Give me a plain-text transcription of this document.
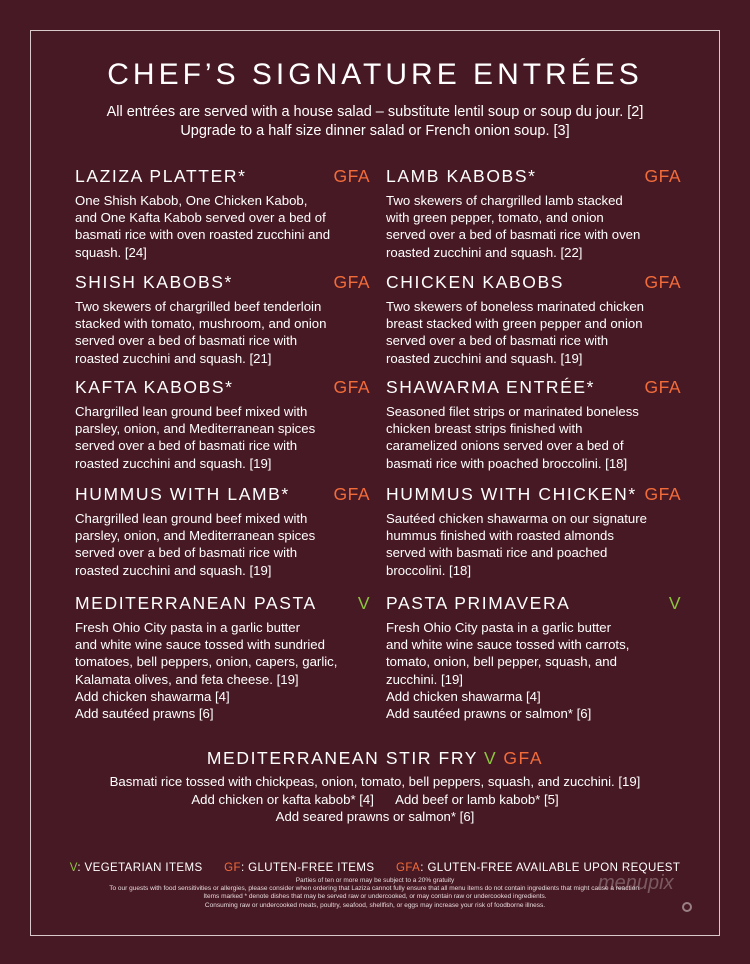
CHEF’S SIGNATURE ENTRÉES
All entrées are served with a house salad – substitute lentil soup or soup du jour. [2]
Upgrade to a half size dinner salad or French onion soup. [3]
LAZIZA PLATTER*	GFA
One Shish Kabob, One Chicken Kabob,
and One Kafta Kabob served over a bed of
basmati rice with oven roasted zucchini and
squash. [24]
LAMB KABOBS*	GFA
Two skewers of chargrilled lamb stacked
with green pepper, tomato, and onion
served over a bed of basmati rice with oven
roasted zucchini and squash. [22]
SHISH KABOBS*	GFA
Two skewers of chargrilled beef tenderloin
stacked with tomato, mushroom, and onion
served over a bed of basmati rice with
roasted zucchini and squash. [21]
CHICKEN KABOBS	GFA
Two skewers of boneless marinated chicken
breast stacked with green pepper and onion
served over a bed of basmati rice with
roasted zucchini and squash. [19]
KAFTA KABOBS*	GFA
Chargrilled lean ground beef mixed with
parsley, onion, and Mediterranean spices
served over a bed of basmati rice with
roasted zucchini and squash. [19]
SHAWARMA ENTRÉE*	GFA
Seasoned filet strips or marinated boneless
chicken breast strips finished with
caramelized onions served over a bed of
basmati rice with poached broccolini. [18]
HUMMUS WITH LAMB* GFA
Chargrilled lean ground beef mixed with
parsley, onion, and Mediterranean spices
served over a bed of basmati rice with
roasted zucchini and squash. [19]
HUMMUS WITH CHICKEN* GFA
Sautéed chicken shawarma on our signature
hummus finished with roasted almonds
served with basmati rice and poached
broccolini. [18]
MEDITERRANEAN PASTA V
Fresh Ohio City pasta in a garlic butter
and white wine sauce tossed with sundried
tomatoes, bell peppers, onion, capers, garlic,
Kalamata olives, and feta cheese. [19]
Add chicken shawarma [4]
Add sautéed prawns [6]
PASTA PRIMAVERA	V
Fresh Ohio City pasta in a garlic butter
and white wine sauce tossed with carrots,
tomato, onion, bell pepper, squash, and
zucchini. [19]
Add chicken shawarma [4]
Add sautéed prawns or salmon* [6]
MEDITERRANEAN STIR FRY V GFA
Basmati rice tossed with chickpeas, onion, tomato, bell peppers, squash, and zucchini. [19]
Add chicken or kafta kabob* [4]      Add beef or lamb kabob* [5]
Add seared prawns or salmon* [6]
V: VEGETARIAN ITEMS GF: GLUTEN-FREE ITEMS GFA: GLUTEN-FREE AVAILABLE UPON REQUEST
Parties of ten or more may be subject to a 20% gratuity
To our guests with food sensitivities or allergies, please consider when ordering that Laziza cannot fully ensure that all menu items do not contain ingredients that might cause a reaction.
Items marked * denote dishes that may be served raw or undercooked, or may contain raw or undercooked ingredients.
Consuming raw or undercooked meats, poultry, seafood, shellfish, or eggs may increase your risk of foodborne illness.
menupix
